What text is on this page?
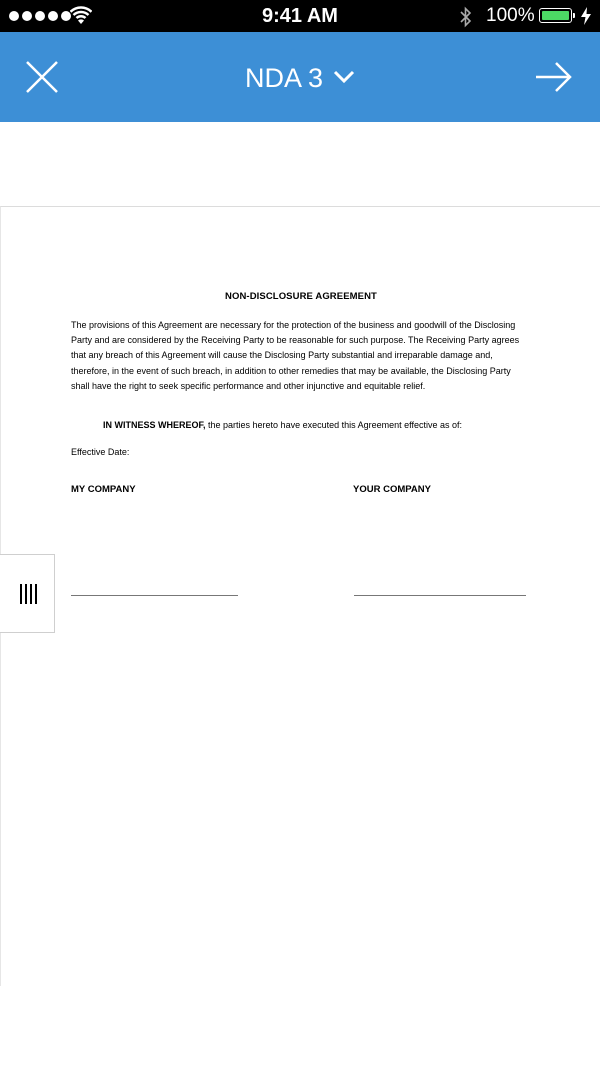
9:41 AM	100%
NDA 3
NON-DISCLOSURE AGREEMENT

The provisions of this Agreement are necessary for the protection of the business and goodwill of the Disclosing Party and are considered by the Receiving Party to be reasonable for such purpose. The Receiving Party agrees that any breach of this Agreement will cause the Disclosing Party substantial and irreparable damage and, therefore, in the event of such breach, in addition to other remedies that may be available, the Disclosing Party shall have the right to seek specific performance and other injunctive and equitable relief.

IN WITNESS WHEREOF, the parties hereto have executed this Agreement effective as of:

Effective Date:

MY COMPANY	YOUR COMPANY
